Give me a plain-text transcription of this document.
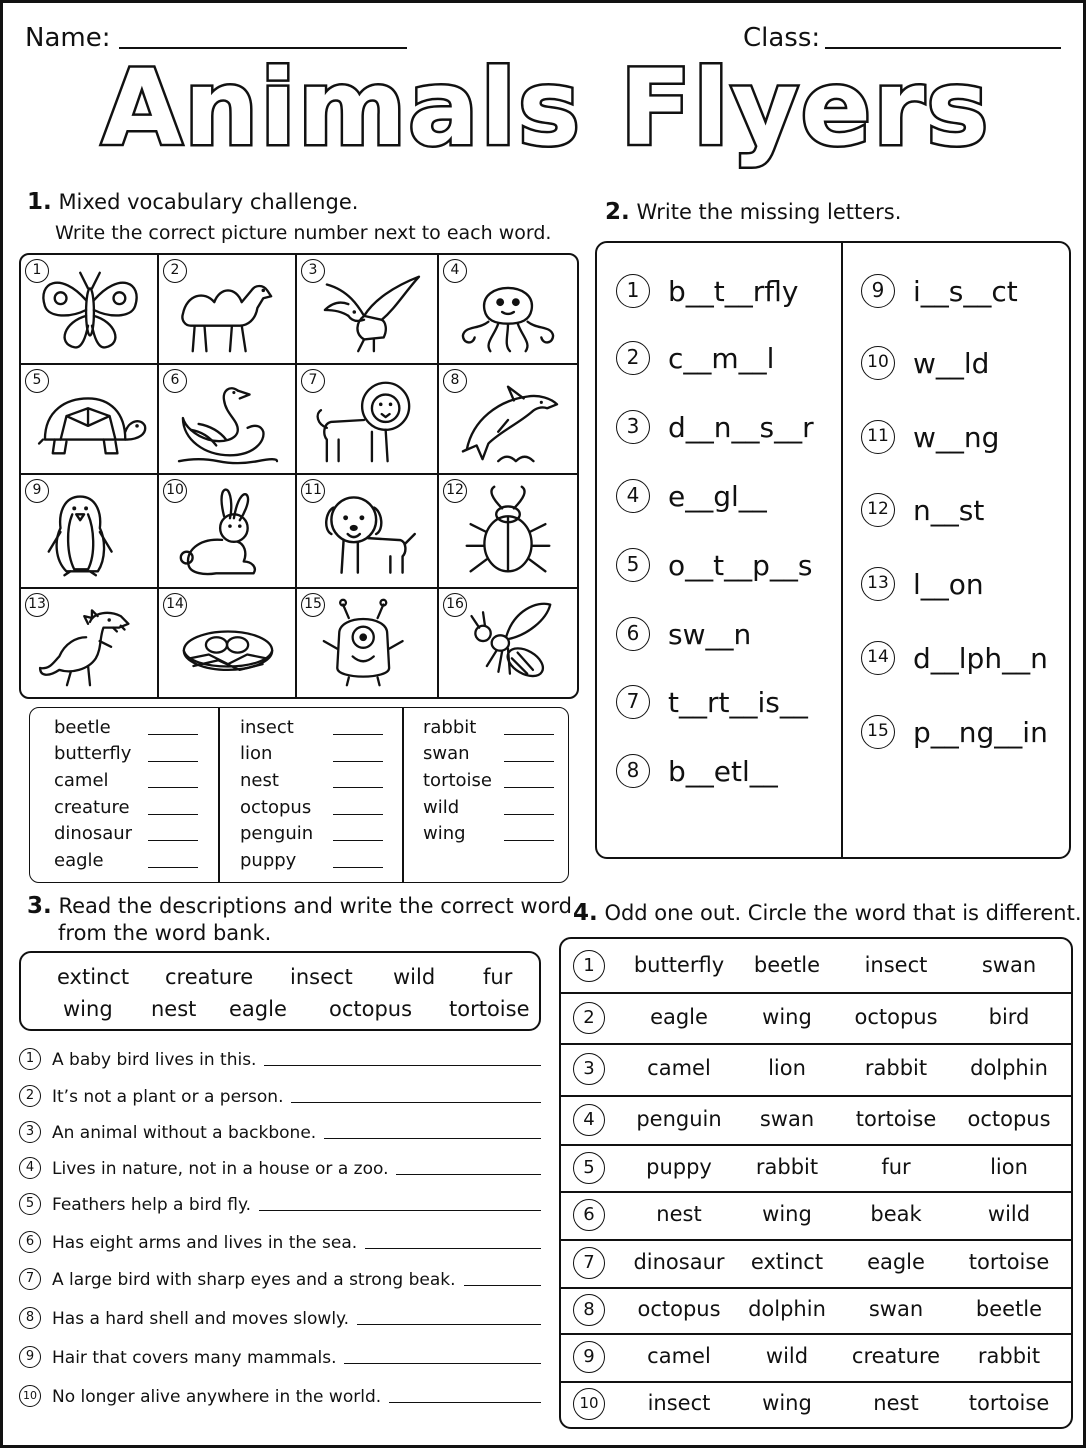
Name:	Class:
Animals Flyers
1. Mixed vocabulary challenge.
Write the correct picture number next to each word.
1	2	3	4
5	6	7	8
9	10	11	12
13	14	15	16
beetle
butterfly
camel
creature
dinosaur
eagle
insect
lion
nest
octopus
penguin
puppy
rabbit
swan
tortoise
wild
wing
2. Write the missing letters.
1	b__t__rfly
2	c__m__l
3	d__n__s__r
4	e__gl__
5	o__t__p__s
6	sw__n
7	t__rt__is__
8	b__etl__
9	i__s__ct
10 w__ld
11 w__ng
12 n__st
13 l__on
14 d__lph__n
15 p__ng__in
3. Read the descriptions and write the correct word
from the word bank.
extinct creature insect wild fur
wing nest eagle octopus tortoise
1	A baby bird lives in this.
2	It’s not a plant or a person.
3	An animal without a backbone.
4	Lives in nature, not in a house or a zoo.
5	Feathers help a bird fly.
6	Has eight arms and lives in the sea.
7	A large bird with sharp eyes and a strong beak.
8	Has a hard shell and moves slowly.
9	Hair that covers many mammals.
10 No longer alive anywhere in the world.
4. Odd one out. Circle the word that is different.
1	butterfly	beetle	insect	swan
2	eagle	wing	octopus	bird
3	camel	lion	rabbit	dolphin
4	penguin	swan	tortoise	octopus
5	puppy	rabbit	fur	lion
6	nest	wing	beak	wild
7	dinosaur	extinct	eagle	tortoise
8	octopus	dolphin	swan	beetle
9	camel	wild	creature	rabbit
10	insect	wing	nest	tortoise
